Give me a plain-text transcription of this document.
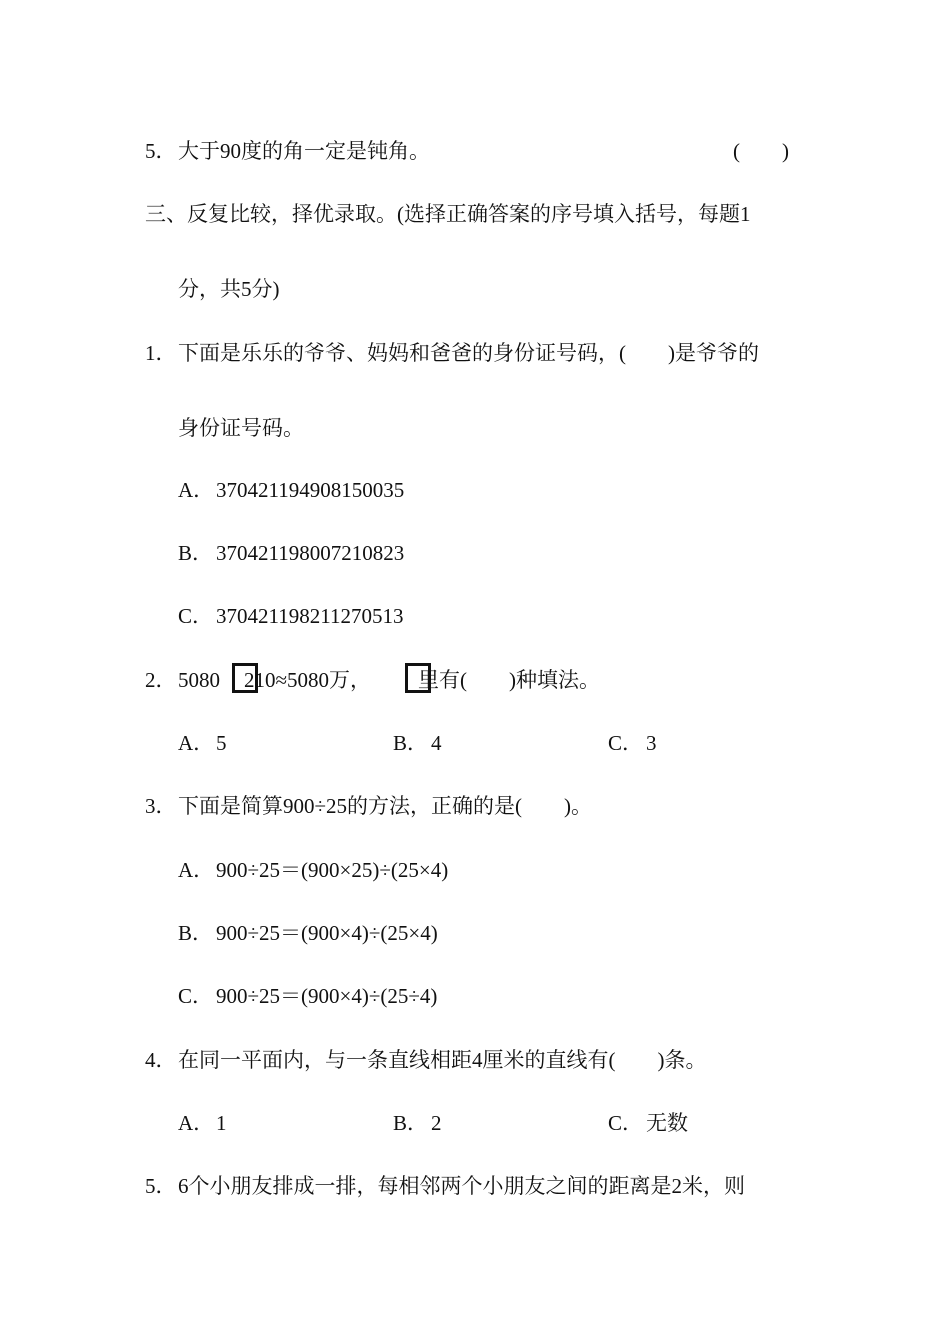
5．大于90度的角一定是钝角。	(　　)
三、反复比较，择优录取。(选择正确答案的序号填入括号，每题1
分，共5分)
1．下面是乐乐的爷爷、妈妈和爸爸的身份证号码，(　　)是爷爷的
身份证号码。
A．370421194908150035
B． 370421198007210823
C． 370421198211270513
2．5080 210≈5080万， 里有(　　)种填法。
A．5	B． 4	C． 3
3．下面是简算900÷25的方法，正确的是(　　)。
A．900÷25＝(900×25)÷(25×4)
B． 900÷25＝(900×4)÷(25×4)
C． 900÷25＝(900×4)÷(25÷4)
4．在同一平面内，与一条直线相距4厘米的直线有(　　)条。
A．1	B． 2	C． 无数
5．6个小朋友排成一排，每相邻两个小朋友之间的距离是2米，则
